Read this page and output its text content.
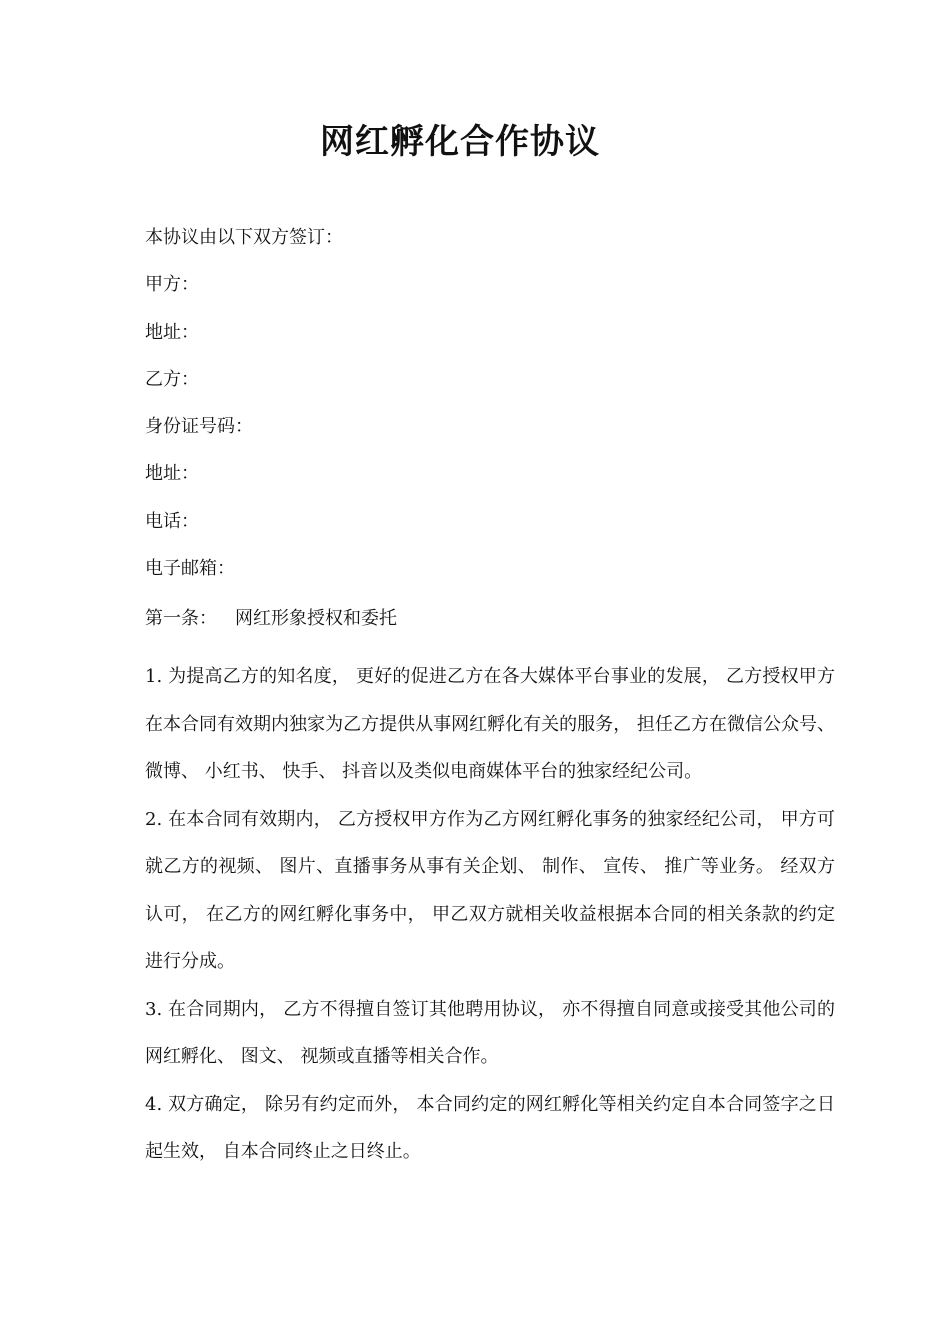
网红孵化合作协议

本协议由以下双方签订：

甲方：

地址：

乙方：

身份证号码：

地址：

电话：

电子邮箱：

第一条： 网红形象授权和委托

1. 为提高乙方的知名度， 更好的促进乙方在各大媒体平台事业的发展， 乙方授权甲方在本合同有效期内独家为乙方提供从事网红孵化有关的服务， 担任乙方在微信公众号、 微博、 小红书、 快手、 抖音以及类似电商媒体平台的独家经纪公司。

2. 在本合同有效期内， 乙方授权甲方作为乙方网红孵化事务的独家经纪公司， 甲方可就乙方的视频、 图片、直播事务从事有关企划、 制作、 宣传、 推广等业务。 经双方认可， 在乙方的网红孵化事务中， 甲乙双方就相关收益根据本合同的相关条款的约定进行分成。

3. 在合同期内， 乙方不得擅自签订其他聘用协议， 亦不得擅自同意或接受其他公司的网红孵化、 图文、 视频或直播等相关合作。

4. 双方确定， 除另有约定而外， 本合同约定的网红孵化等相关约定自本合同签字之日起生效， 自本合同终止之日终止。
